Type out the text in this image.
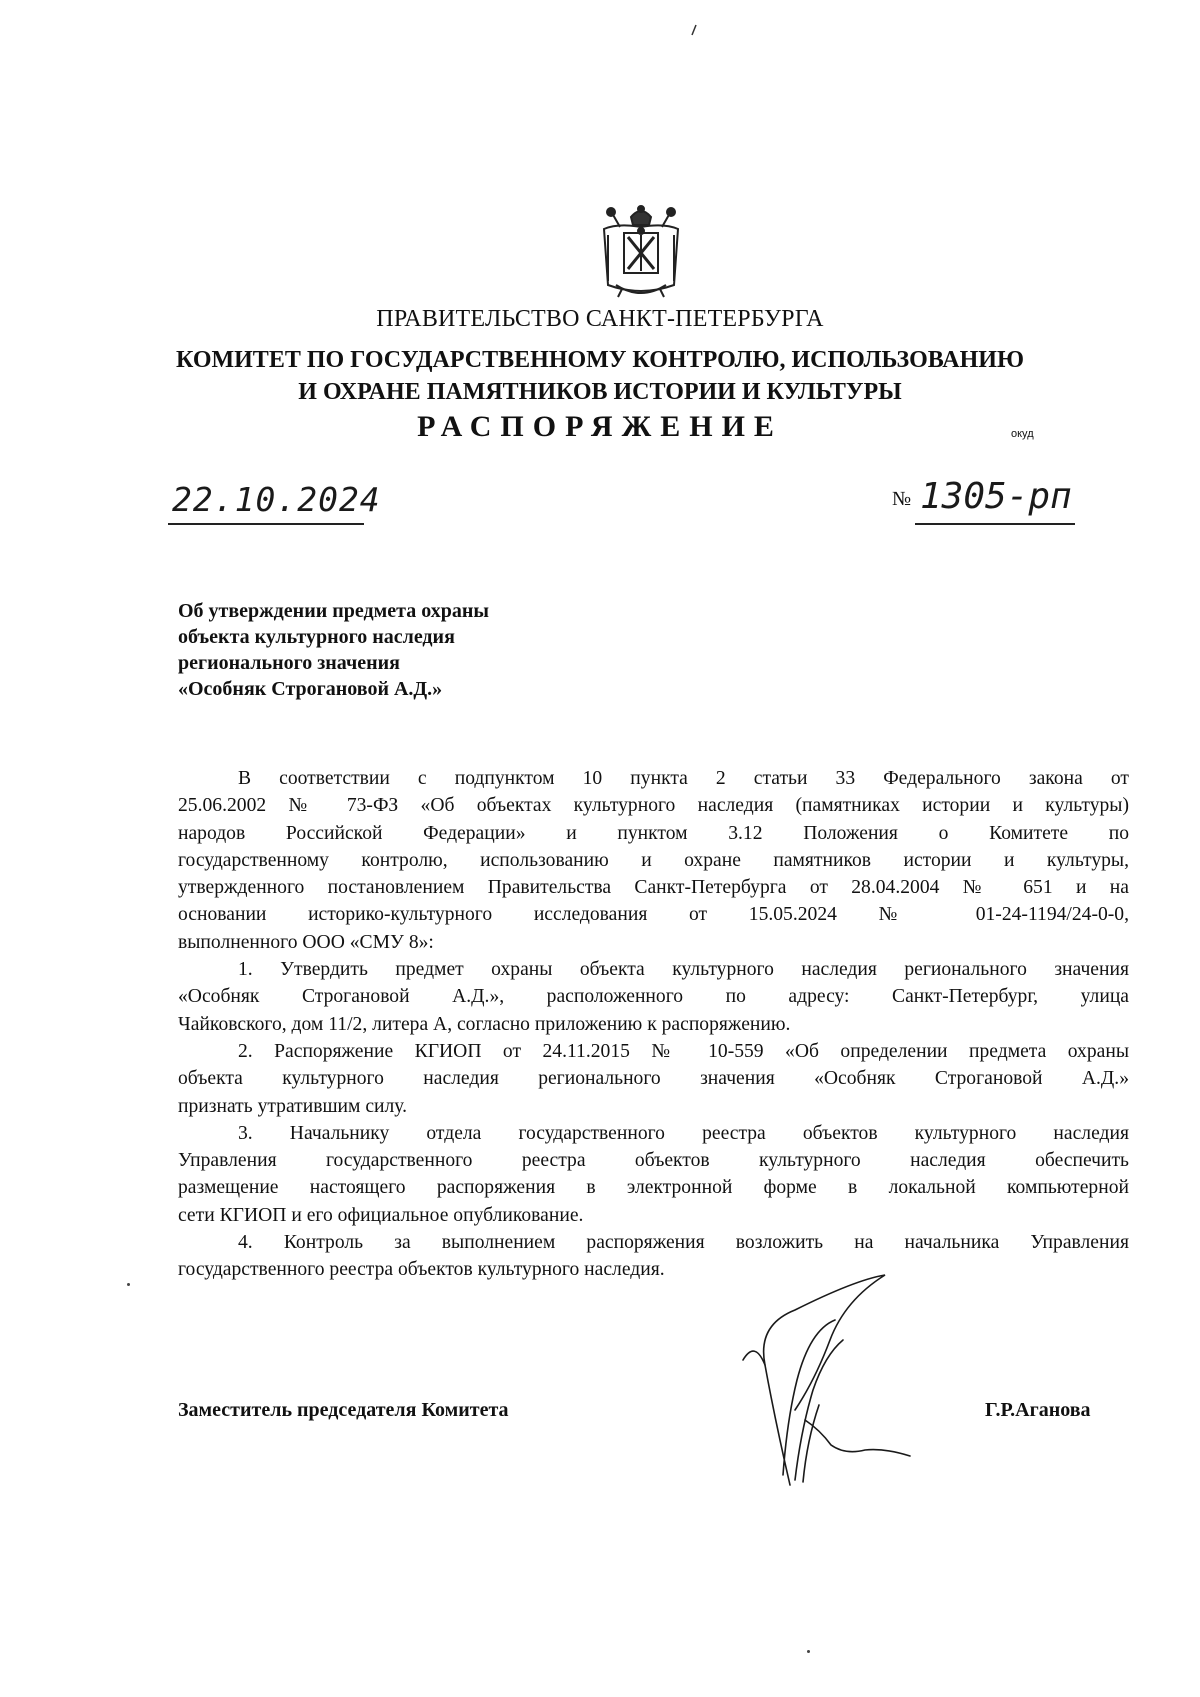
ПРАВИТЕЛЬСТВО САНКТ-ПЕТЕРБУРГА
КОМИТЕТ ПО ГОСУДАРСТВЕННОМУ КОНТРОЛЮ, ИСПОЛЬЗОВАНИЮ
И ОХРАНЕ ПАМЯТНИКОВ ИСТОРИИ И КУЛЬТУРЫ
РАСПОРЯЖЕНИЕ	окуд
22.10.2024	№ 1305-рп
Об утверждении предмета охраны
объекта культурного наследия
регионального значения
«Особняк Строгановой А.Д.»
В соответствии с подпунктом 10 пункта 2 статьи 33 Федерального закона от
25.06.2002 № 73-ФЗ «Об объектах культурного наследия (памятниках истории и культуры)
народов Российской Федерации» и пунктом 3.12 Положения о Комитете по
государственному контролю, использованию и охране памятников истории и культуры,
утвержденного постановлением Правительства Санкт-Петербурга от 28.04.2004 № 651 и на
основании историко-культурного исследования от 15.05.2024 № 01-24-1194/24-0-0,
выполненного ООО «СМУ 8»:
1. Утвердить предмет охраны объекта культурного наследия регионального значения
«Особняк Строгановой А.Д.», расположенного по адресу: Санкт-Петербург, улица
Чайковского, дом 11/2, литера А, согласно приложению к распоряжению.
2. Распоряжение КГИОП от 24.11.2015 № 10-559 «Об определении предмета охраны
объекта культурного наследия регионального значения «Особняк Строгановой А.Д.»
признать утратившим силу.
3. Начальнику отдела государственного реестра объектов культурного наследия
Управления государственного реестра объектов культурного наследия обеспечить
размещение настоящего распоряжения в электронной форме в локальной компьютерной
сети КГИОП и его официальное опубликование.
4. Контроль за выполнением распоряжения возложить на начальника Управления
государственного реестра объектов культурного наследия.
Заместитель председателя Комитета	Г.Р.Аганова
